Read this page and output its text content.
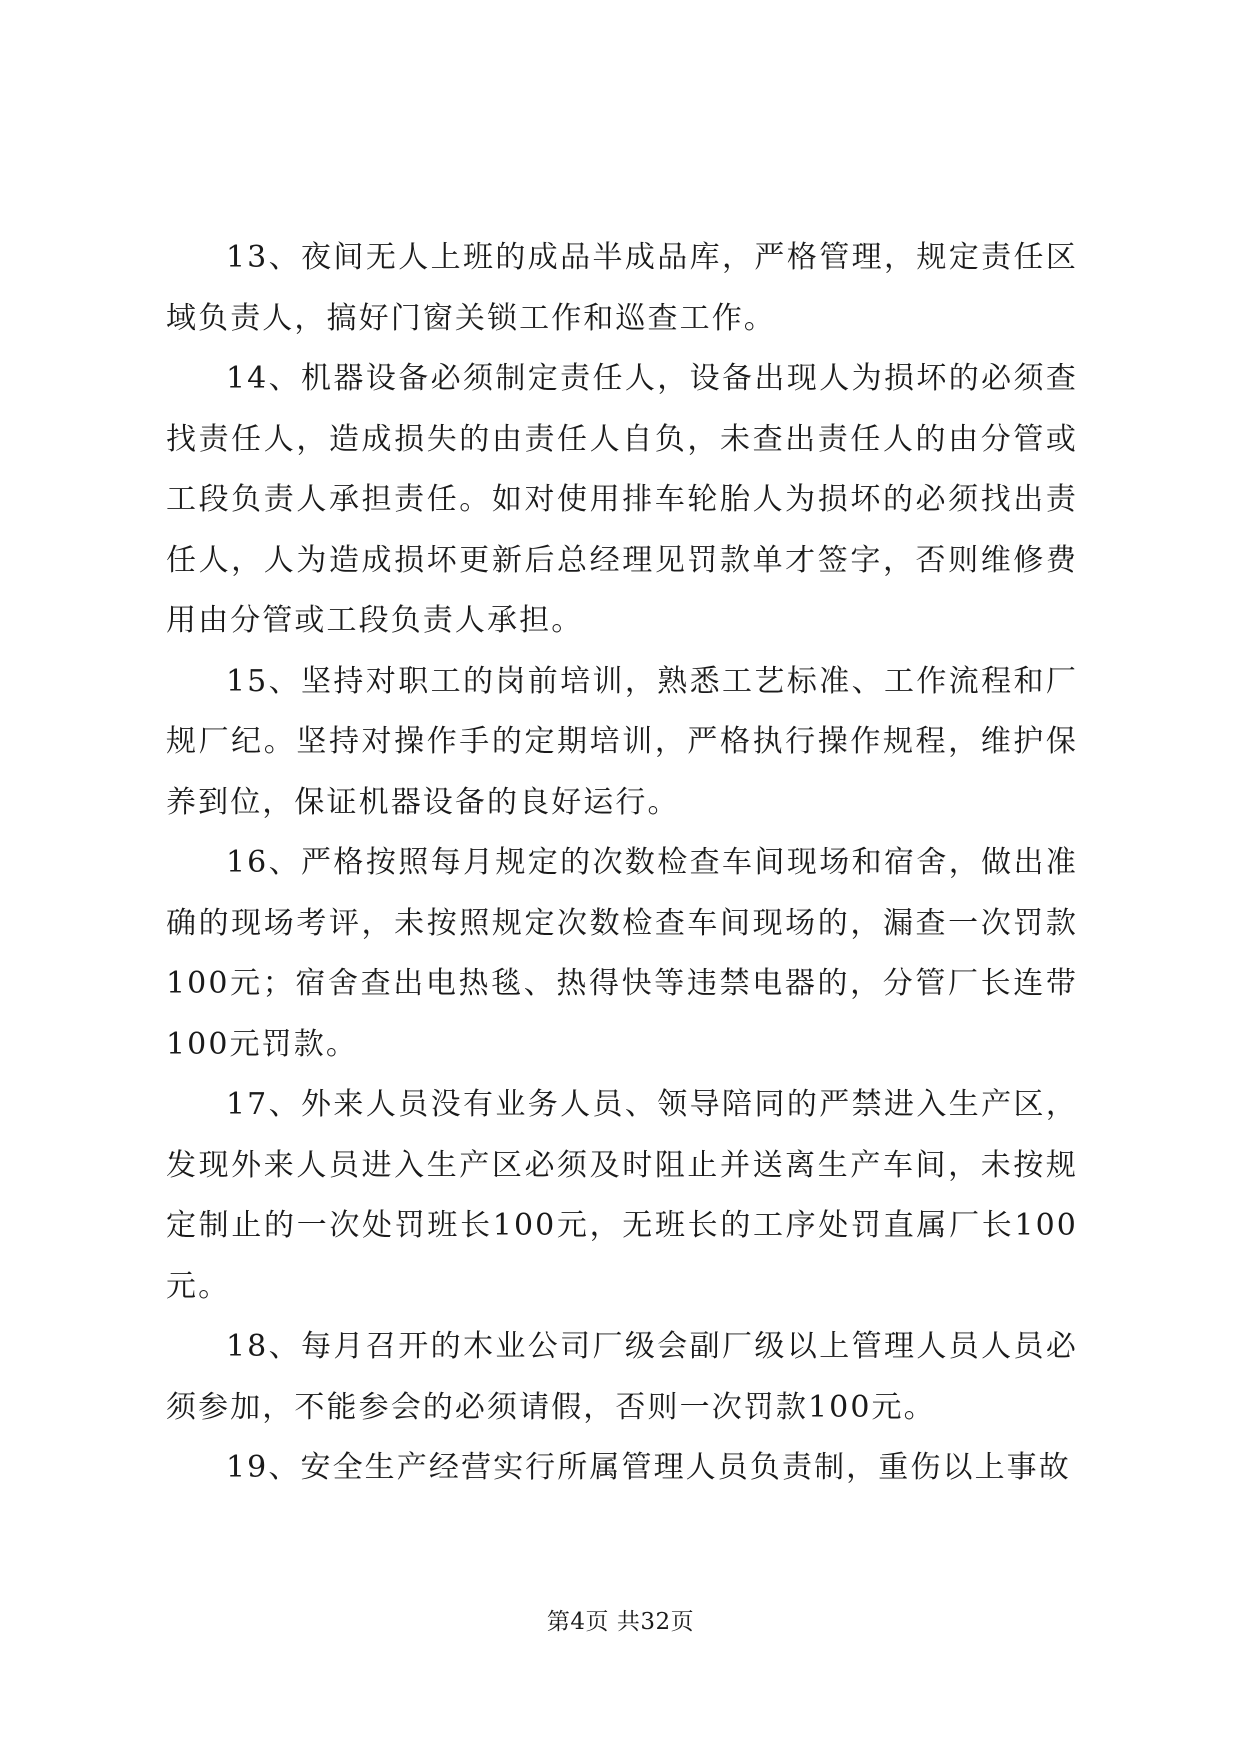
13、夜间无人上班的成品半成品库，严格管理，规定责任区域负责人，搞好门窗关锁工作和巡查工作。

14、机器设备必须制定责任人，设备出现人为损坏的必须查找责任人，造成损失的由责任人自负，未查出责任人的由分管或工段负责人承担责任。如对使用排车轮胎人为损坏的必须找出责任人，人为造成损坏更新后总经理见罚款单才签字，否则维修费用由分管或工段负责人承担。

15、坚持对职工的岗前培训，熟悉工艺标准、工作流程和厂规厂纪。坚持对操作手的定期培训，严格执行操作规程，维护保养到位，保证机器设备的良好运行。

16、严格按照每月规定的次数检查车间现场和宿舍，做出准确的现场考评，未按照规定次数检查车间现场的，漏查一次罚款100元；宿舍查出电热毯、热得快等违禁电器的，分管厂长连带100元罚款。

17、外来人员没有业务人员、领导陪同的严禁进入生产区，发现外来人员进入生产区必须及时阻止并送离生产车间，未按规定制止的一次处罚班长100元，无班长的工序处罚直属厂长100元。

18、每月召开的木业公司厂级会副厂级以上管理人员人员必须参加，不能参会的必须请假，否则一次罚款100元。

19、安全生产经营实行所属管理人员负责制，重伤以上事故

第4页 共32页
